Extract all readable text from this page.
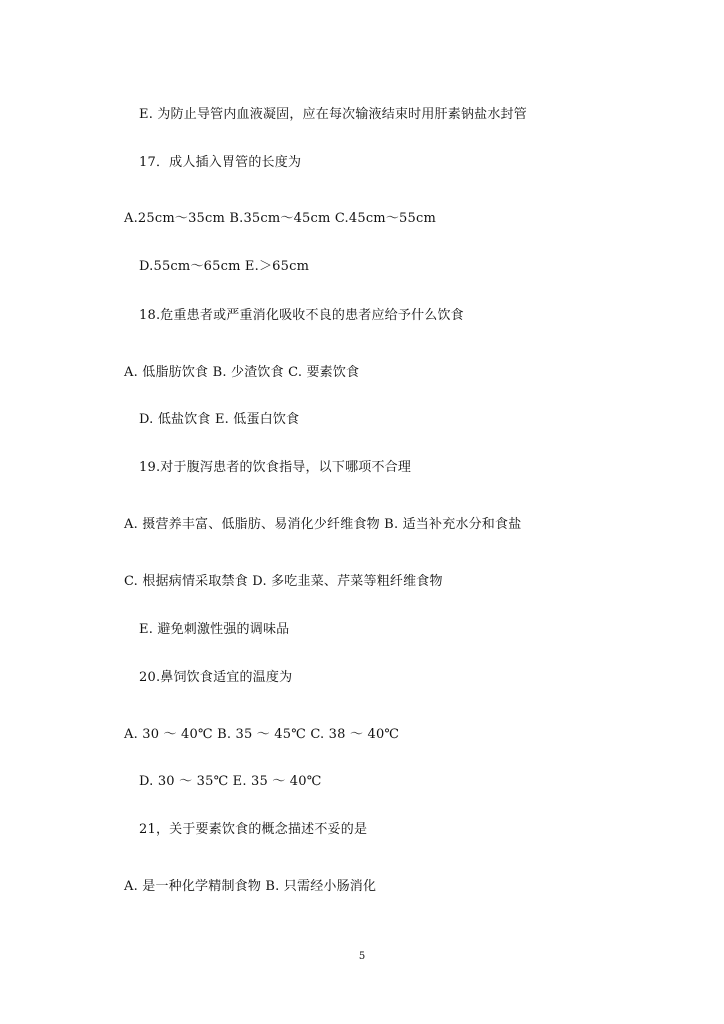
E. 为防止导管内血液凝固，应在每次输液结束时用肝素钠盐水封管
17．成人插入胃管的长度为
A.25cm～35cm B.35cm～45cm C.45cm～55cm
D.55cm～65cm E.＞65cm
18.危重患者或严重消化吸收不良的患者应给予什么饮食
A. 低脂肪饮食 B. 少渣饮食 C. 要素饮食
D. 低盐饮食 E. 低蛋白饮食
19.对于腹泻患者的饮食指导，以下哪项不合理
A. 摄营养丰富、低脂肪、易消化少纤维食物 B. 适当补充水分和食盐
C. 根据病情采取禁食 D. 多吃韭菜、芹菜等粗纤维食物
E. 避免刺激性强的调味品
20.鼻饲饮食适宜的温度为
A. 30 ～ 40℃ B. 35 ～ 45℃ C. 38 ～ 40℃
D. 30 ～ 35℃ E. 35 ～ 40℃
21，关于要素饮食的概念描述不妥的是
A. 是一种化学精制食物 B. 只需经小肠消化
5
